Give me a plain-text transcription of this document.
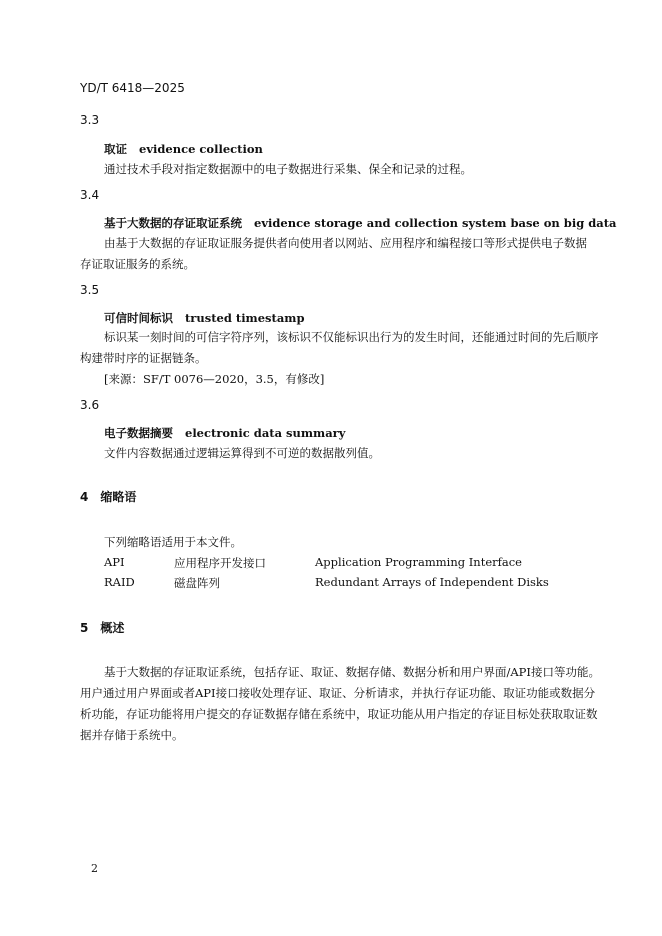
YD/T 6418—2025
3.3
取证 evidence collection
通过技术手段对指定数据源中的电子数据进行采集、保全和记录的过程。
3.4
基于大数据的存证取证系统 evidence storage and collection system base on big data
由基于大数据的存证取证服务提供者向使用者以网站、应用程序和编程接口等形式提供电子数据
存证取证服务的系统。
3.5
可信时间标识 trusted timestamp
标识某一刻时间的可信字符序列，该标识不仅能标识出行为的发生时间，还能通过时间的先后顺序
构建带时序的证据链条。
[来源：SF/T 0076—2020，3.5，有修改]
3.6
电子数据摘要 electronic data summary
文件内容数据通过逻辑运算得到不可逆的数据散列值。
4 缩略语
下列缩略语适用于本文件。
API	应用程序开发接口	Application Programming Interface
RAID	磁盘阵列	Redundant Arrays of Independent Disks
5 概述
基于大数据的存证取证系统，包括存证、取证、数据存储、数据分析和用户界面/API接口等功能。
用户通过用户界面或者API接口接收处理存证、取证、分析请求，并执行存证功能、取证功能或数据分
析功能，存证功能将用户提交的存证数据存储在系统中，取证功能从用户指定的存证目标处获取取证数
据并存储于系统中。
2
